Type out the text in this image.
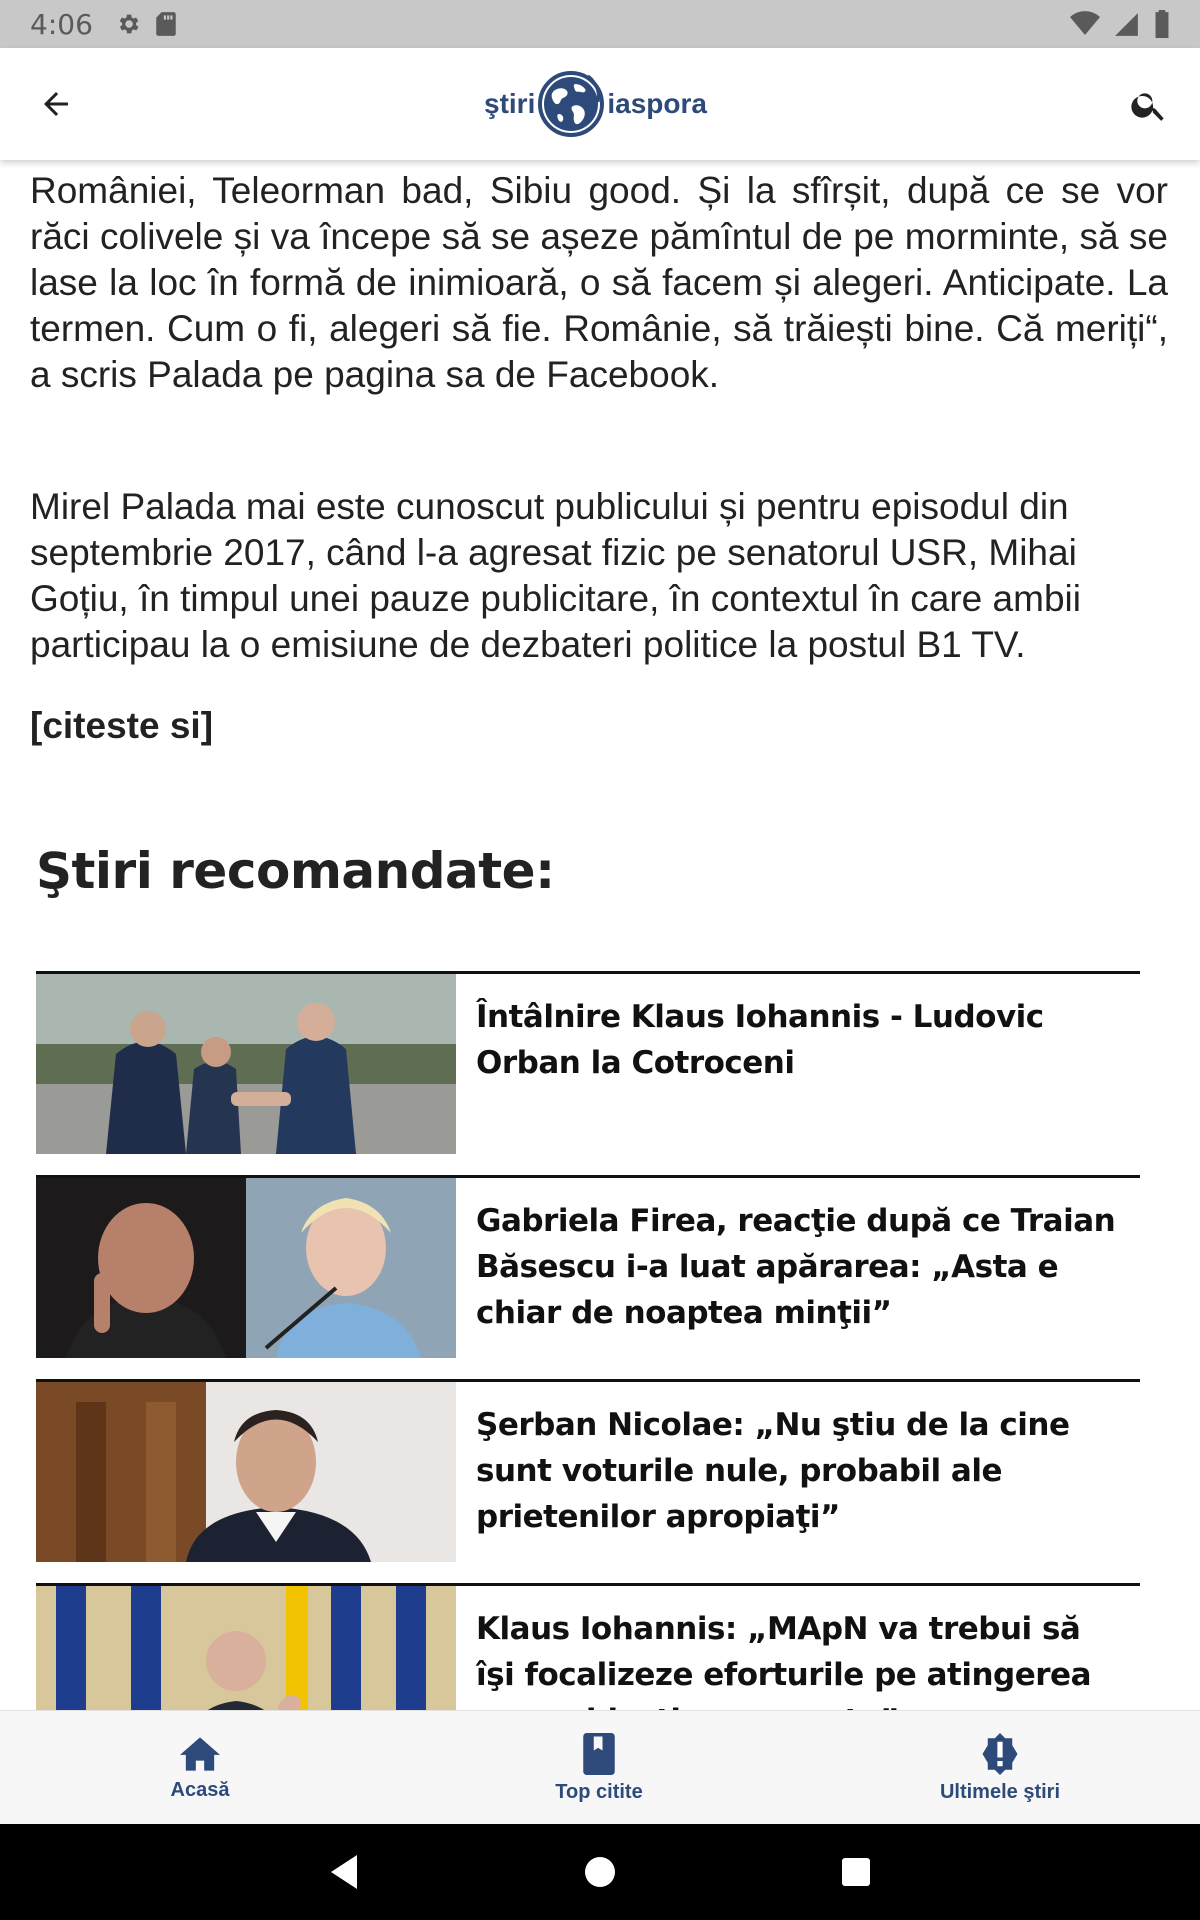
4:06
ştiri	iaspora

României, Teleorman bad, Sibiu good. Și la sfîrșit, după ce se vor răci colivele și va începe să se așeze pămîntul de pe morminte, să se lase la loc în formă de inimioară, o să facem și alegeri. Anticipate. La termen. Cum o fi, alegeri să fie. Românie, să trăiești bine. Că meriți“, a scris Palada pe pagina sa de Facebook.

Mirel Palada mai este cunoscut publicului și pentru episodul din septembrie 2017, când l-a agresat fizic pe senatorul USR, Mihai Goțiu, în timpul unei pauze publicitare, în contextul în care ambii participau la o emisiune de dezbateri politice la postul B1 TV.

[citeste si]
Ştiri recomandate:
Întâlnire Klaus Iohannis - Ludovic Orban la Cotroceni
Gabriela Firea, reacţie după ce Traian Băsescu i-a luat apărarea: „Asta e chiar de noaptea minţii”
Şerban Nicolae: „Nu ştiu de la cine sunt voturile nule, probabil ale prietenilor apropiaţi”
Klaus Iohannis: „MApN va trebui să îşi focalizeze eforturile pe atingerea
Acasă	Top citite	Ultimele ştiri
